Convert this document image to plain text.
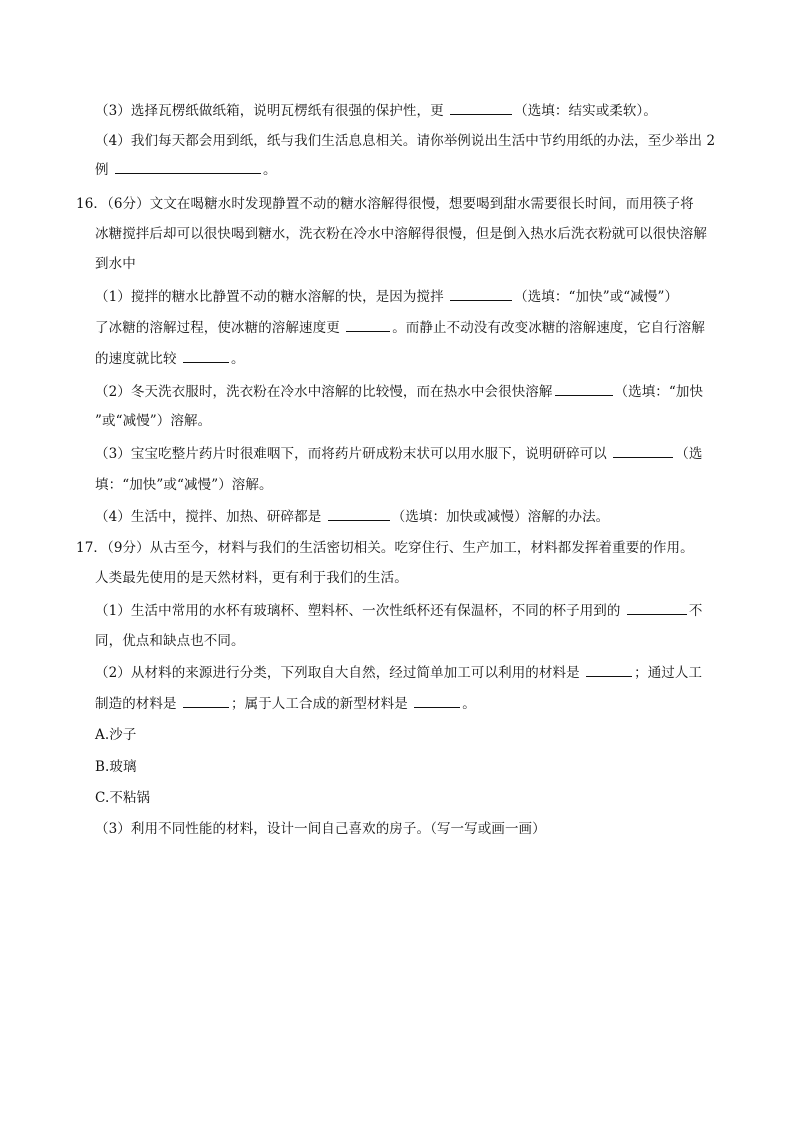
（3）选择瓦楞纸做纸箱，说明瓦楞纸有很强的保护性，更	（选填：结实或柔软）。
（4）我们每天都会用到纸，纸与我们生活息息相关。请你举例说出生活中节约用纸的办法，至少举出 2
例	。
16．（6分）文文在喝糖水时发现静置不动的糖水溶解得很慢，想要喝到甜水需要很长时间，而用筷子将
冰糖搅拌后却可以很快喝到糖水，洗衣粉在冷水中溶解得很慢，但是倒入热水后洗衣粉就可以很快溶解
到水中
（1）搅拌的糖水比静置不动的糖水溶解的快，是因为搅拌	（选填：“加快”或“减慢”）
了冰糖的溶解过程，使冰糖的溶解速度更	。而静止不动没有改变冰糖的溶解速度，它自行溶解
的速度就比较	。
（2）冬天洗衣服时，洗衣粉在冷水中溶解的比较慢，而在热水中会很快溶解	（选填：“加快
”或“减慢”）溶解。
（3）宝宝吃整片药片时很难咽下，而将药片研成粉末状可以用水服下，说明研碎可以	（选
填：“加快”或“减慢”）溶解。
（4）生活中，搅拌、加热、研碎都是	（选填：加快或减慢）溶解的办法。
17．（9分）从古至今，材料与我们的生活密切相关。吃穿住行、生产加工，材料都发挥着重要的作用。
人类最先使用的是天然材料，更有利于我们的生活。
（1）生活中常用的水杯有玻璃杯、塑料杯、一次性纸杯还有保温杯，不同的杯子用到的	不
同，优点和缺点也不同。
（2）从材料的来源进行分类，下列取自大自然，经过简单加工可以利用的材料是	；通过人工
制造的材料是	；属于人工合成的新型材料是	。
A.沙子
B.玻璃
C.不粘锅
（3）利用不同性能的材料，设计一间自己喜欢的房子。（写一写或画一画）
